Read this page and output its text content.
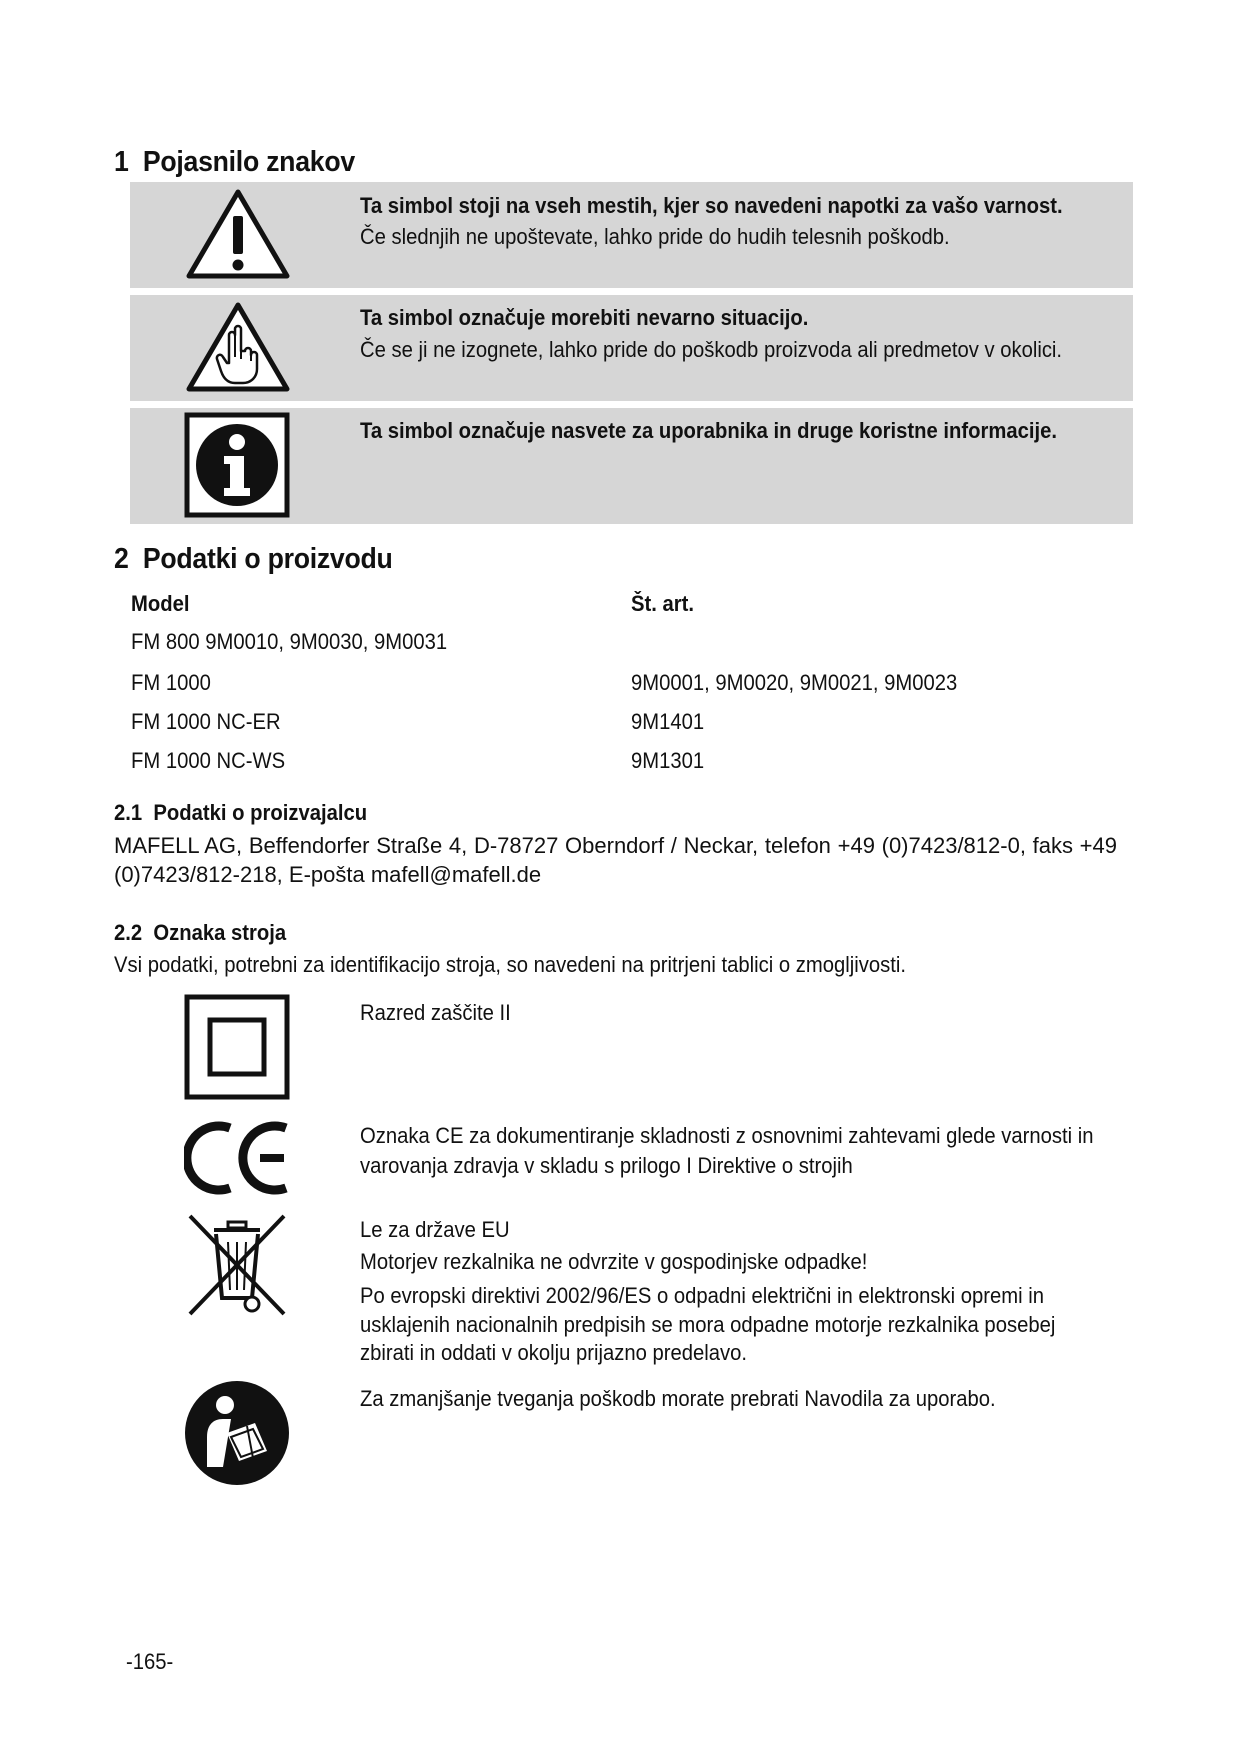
1 Pojasnilo znakov
Ta simbol stoji na vseh mestih, kjer so navedeni napotki za vašo varnost.
Če slednjih ne upoštevate, lahko pride do hudih telesnih poškodb.
Ta simbol označuje morebiti nevarno situacijo.
Če se ji ne izognete, lahko pride do poškodb proizvoda ali predmetov v okolici.
Ta simbol označuje nasvete za uporabnika in druge koristne informacije.
2 Podatki o proizvodu
Model	Št. art.
FM 800 9M0010, 9M0030, 9M0031
FM 1000	9M0001, 9M0020, 9M0021, 9M0023
FM 1000 NC-ER	9M1401
FM 1000 NC-WS	9M1301
2.1 Podatki o proizvajalcu
MAFELL AG, Beffendorfer Straße 4, D-78727 Oberndorf / Neckar, telefon +49 (0)7423/812-0, faks +49
(0)7423/812-218, E-pošta mafell@mafell.de
2.2 Oznaka stroja
Vsi podatki, potrebni za identifikacijo stroja, so navedeni na pritrjeni tablici o zmogljivosti.
Razred zaščite II
Oznaka CE za dokumentiranje skladnosti z osnovnimi zahtevami glede varnosti in
varovanja zdravja v skladu s prilogo I Direktive o strojih
Le za države EU
Motorjev rezkalnika ne odvrzite v gospodinjske odpadke!
Po evropski direktivi 2002/96/ES o odpadni električni in elektronski opremi in
usklajenih nacionalnih predpisih se mora odpadne motorje rezkalnika posebej
zbirati in oddati v okolju prijazno predelavo.
Za zmanjšanje tveganja poškodb morate prebrati Navodila za uporabo.
-165-
